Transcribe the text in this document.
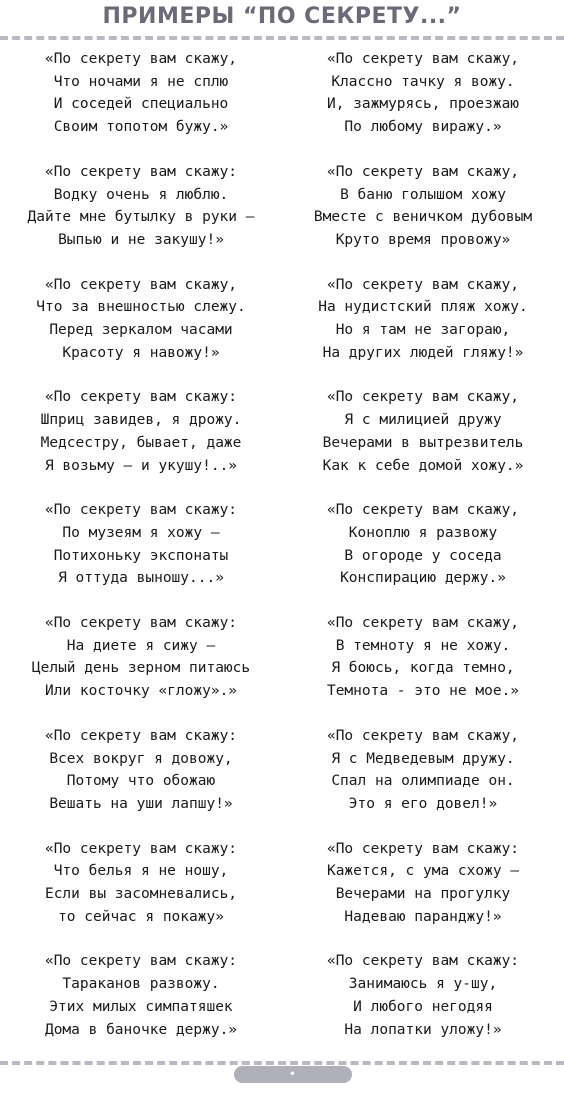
ПРИМЕРЫ “ПО СЕКРЕТУ...”
«По секрету вам скажу,
Что ночами я не сплю
И соседей специально
Своим топотом бужу.»
«По секрету вам скажу,
Классно тачку я вожу.
И, зажмурясь, проезжаю
По любому виражу.»
«По секрету вам скажу:
Водку очень я люблю.
Дайте мне бутылку в руки —
Выпью и не закушу!»
«По секрету вам скажу,
В баню голышом хожу
Вместе с веничком дубовым
Круто время провожу»
«По секрету вам скажу,
Что за внешностью слежу.
Перед зеркалом часами
Красоту я навожу!»
«По секрету вам скажу,
На нудистский пляж хожу.
Но я там не загораю,
На других людей гляжу!»
«По секрету вам скажу:
Шприц завидев, я дрожу.
Медсестру, бывает, даже
Я возьму — и укушу!..»
«По секрету вам скажу,
Я с милицией дружу
Вечерами в вытрезвитель
Как к себе домой хожу.»
«По секрету вам скажу:
По музеям я хожу —
Потихоньку экспонаты
Я оттуда выношу...»
«По секрету вам скажу,
Коноплю я развожу
В огороде у соседа
Конспирацию держу.»
«По секрету вам скажу:
На диете я сижу —
Целый день зерном питаюсь
Или косточку «гложу».»
«По секрету вам скажу,
В темноту я не хожу.
Я боюсь, когда темно,
Темнота - это не мое.»
«По секрету вам скажу:
Всех вокруг я довожу,
Потому что обожаю
Вешать на уши лапшу!»
«По секрету вам скажу,
Я с Медведевым дружу.
Спал на олимпиаде он.
Это я его довел!»
«По секрету вам скажу:
Что белья я не ношу,
Если вы засомневались,
то сейчас я покажу»
«По секрету вам скажу:
Кажется, с ума схожу —
Вечерами на прогулку
Надеваю паранджу!»
«По секрету вам скажу:
Тараканов развожу.
Этих милых симпатяшек
Дома в баночке держу.»
«По секрету вам скажу:
Занимаюсь я у-шу,
И любого негодяя
На лопатки уложу!»
• MIRPOZITIVA.RU •
